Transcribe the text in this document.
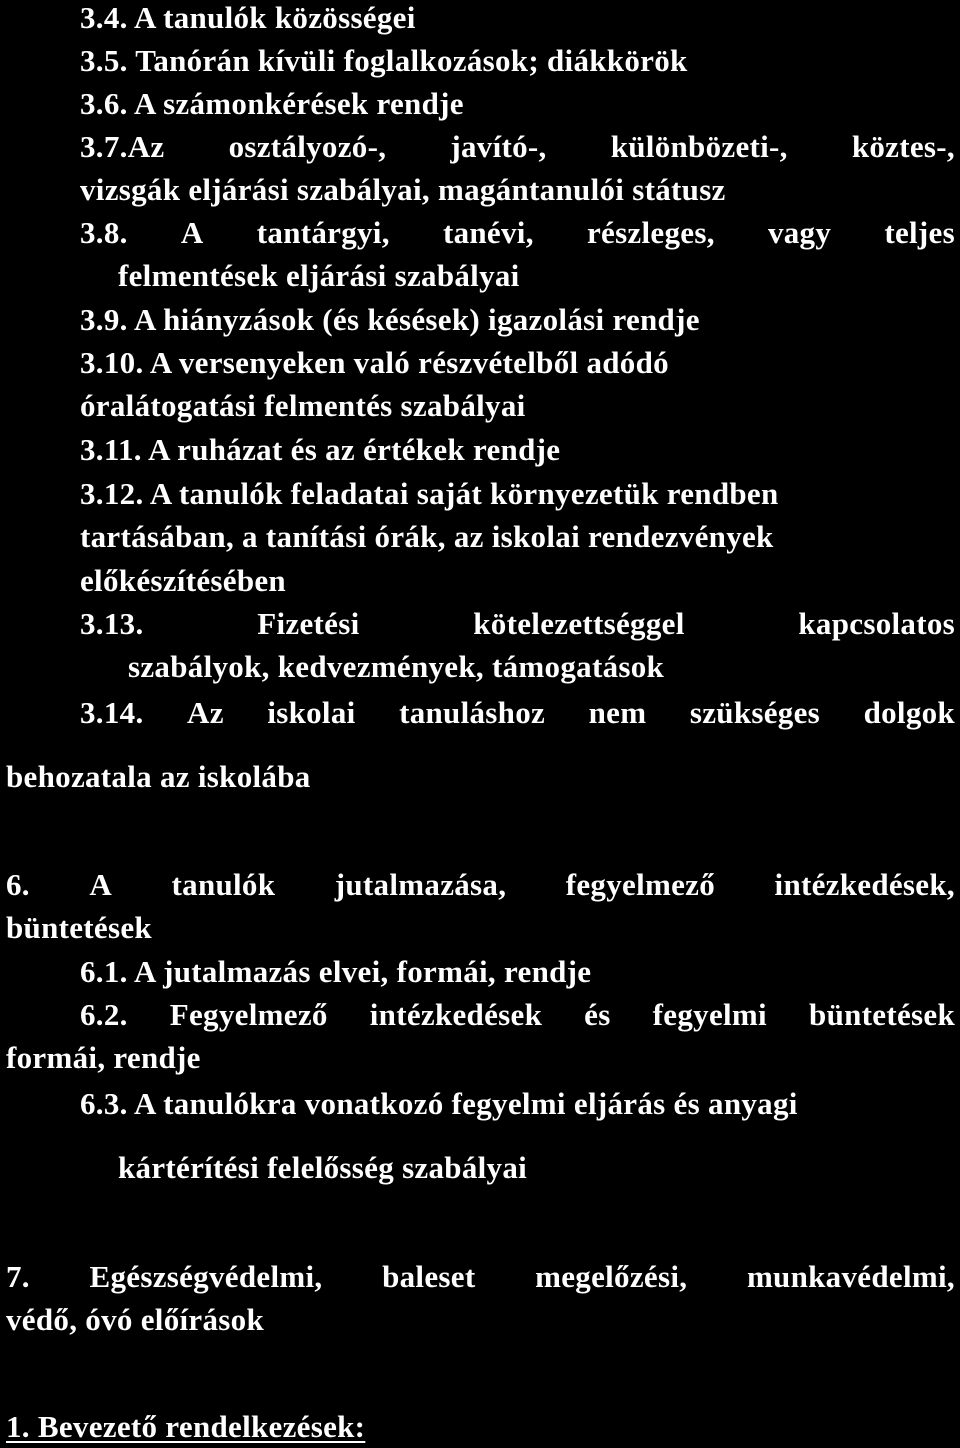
3.4. A tanulók közösségei
3.5. Tanórán kívüli foglalkozások; diákkörök
3.6. A számonkérések rendje
3.7.Az osztályozó-, javító-, különbözeti-, köztes-,
vizsgák eljárási szabályai, magántanulói státusz
3.8. A tantárgyi, tanévi, részleges, vagy teljes
felmentések eljárási szabályai
3.9. A hiányzások (és késések) igazolási rendje
3.10. A versenyeken való részvételből adódó
óralátogatási felmentés szabályai
3.11. A ruházat és az értékek rendje
3.12. A tanulók feladatai saját környezetük rendben
tartásában, a tanítási órák, az iskolai rendezvények
előkészítésében
3.13.	Fizetési	kötelezettséggel	kapcsolatos
szabályok, kedvezmények, támogatások
3.14. Az iskolai tanuláshoz nem szükséges dolgok
behozatala az iskolába
6. A tanulók jutalmazása, fegyelmező intézkedések,
büntetések
6.1. A jutalmazás elvei, formái, rendje
6.2. Fegyelmező intézkedések és fegyelmi büntetések
formái, rendje
6.3. A tanulókra vonatkozó fegyelmi eljárás és anyagi
kártérítési felelősség szabályai
7. Egészségvédelmi, baleset megelőzési, munkavédelmi,
védő, óvó előírások
1. Bevezető rendelkezések:
